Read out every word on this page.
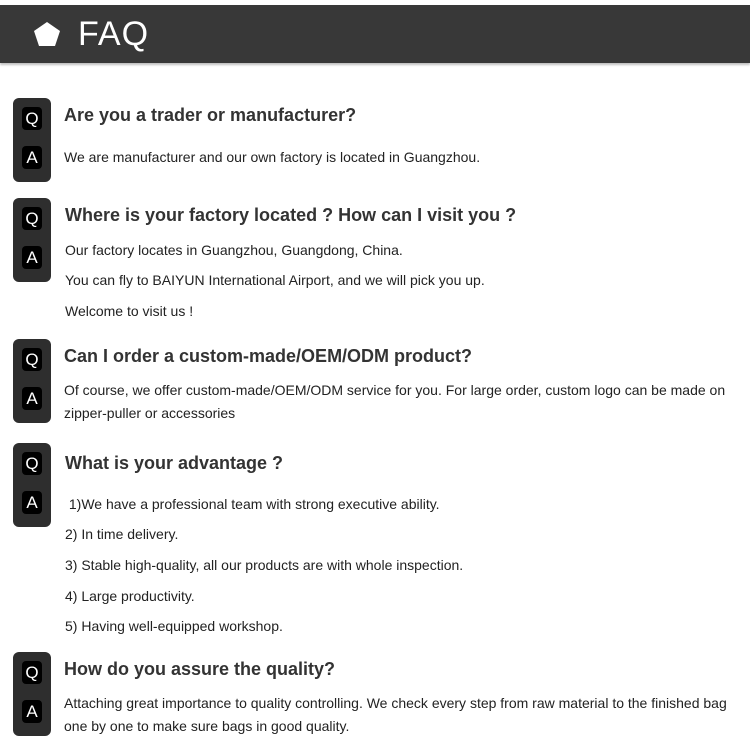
FAQ
Q
A
Are you a trader or manufacturer?
We are manufacturer and our own factory is located in Guangzhou.
Q
A
Where is your factory located ? How can I visit you ?
Our factory locates in Guangzhou, Guangdong, China.
You can fly to BAIYUN International Airport, and we will pick you up.
Welcome to visit us !
Q
A
Can I order a custom-made/OEM/ODM product?
Of course, we offer custom-made/OEM/ODM service for you. For large order, custom logo can be made on zipper-puller or accessories
Q
A
What is your advantage ?
1)We have a professional team with strong executive ability.
2) In time delivery.
3) Stable high-quality, all our products are with whole inspection.
4) Large productivity.
5) Having well-equipped workshop.
Q
A
How do you assure the quality?
Attaching great importance to quality controlling. We check every step from raw material to the finished bag one by one to make sure bags in good quality.
